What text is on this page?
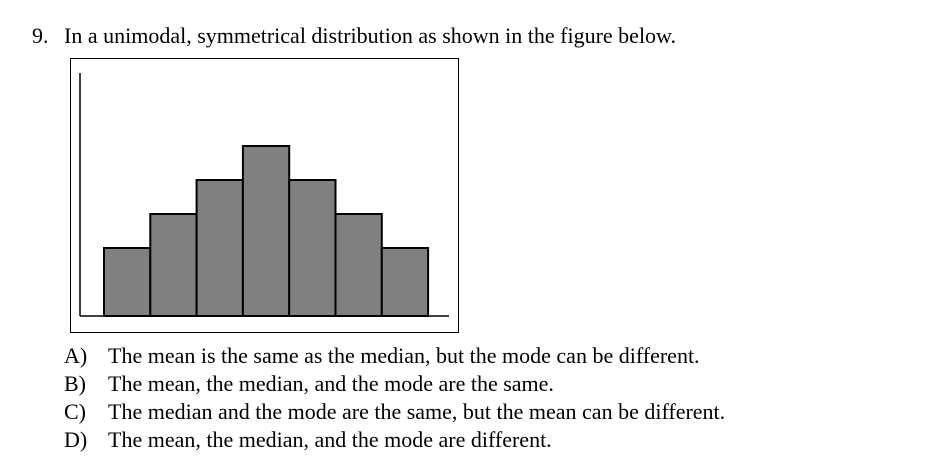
9. In a unimodal, symmetrical distribution as shown in the figure below.
A) The mean is the same as the median, but the mode can be different.
B) The mean, the median, and the mode are the same.
C) The median and the mode are the same, but the mean can be different.
D) The mean, the median, and the mode are different.
